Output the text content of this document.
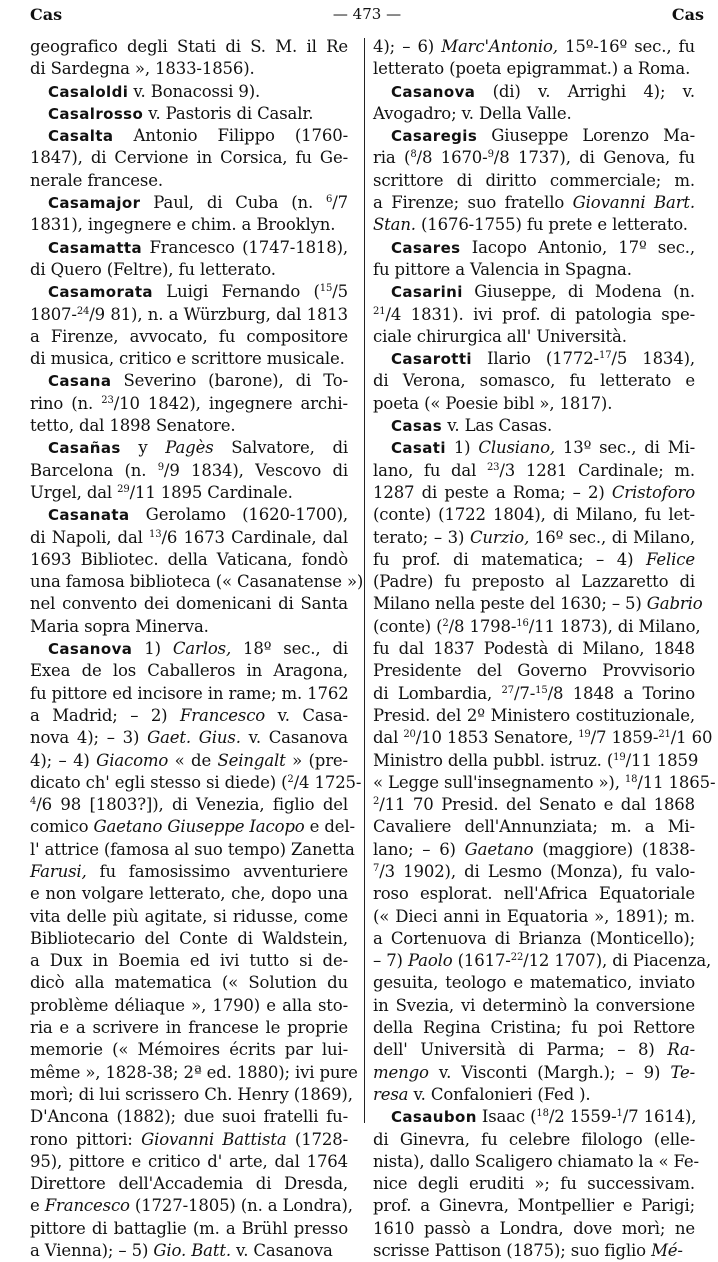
Cas	— 473 —	Cas
geografico degli Stati di S. M. il Re
di Sardegna », 1833-1856).
Casaloldi v. Bonacossi 9).
Casalrosso v. Pastoris di Casalr.
Casalta Antonio Filippo (1760-
1847), di Cervione in Corsica, fu Ge-
nerale francese.
Casamajor Paul, di Cuba (n. $^6$/7
1831), ingegnere e chim. a Brooklyn.
Casamatta Francesco (1747-1818),
di Quero (Feltre), fu letterato.
Casamorata Luigi Fernando ($^{15}$/5
1807-$^{24}$/9 81), n. a Würzburg, dal 1813
a Firenze, avvocato, fu compositore
di musica, critico e scrittore musicale.
Casana Severino (barone), di To-
rino (n. $^{23}$/10 1842), ingegnere archi-
tetto, dal 1898 Senatore.
Casañas y Pagès Salvatore, di
Barcelona (n. $^9$/9 1834), Vescovo di
Urgel, dal $^{29}$/11 1895 Cardinale.
Casanata Gerolamo (1620-1700),
di Napoli, dal $^{13}$/6 1673 Cardinale, dal
1693 Bibliotec. della Vaticana, fondò
una famosa biblioteca (« Casanatense »)
nel convento dei domenicani di Santa
Maria sopra Minerva.
Casanova 1) Carlos, 18º sec., di
Exea de los Caballeros in Aragona,
fu pittore ed incisore in rame; m. 1762
a Madrid; – 2) Francesco v. Casa-
nova 4); – 3) Gaet. Gius. v. Casanova
4); – 4) Giacomo « de Seingalt » (pre-
dicato ch' egli stesso si diede) ($^2$/4 1725-
$^4$/6 98 [1803?]), di Venezia, figlio del
comico Gaetano Giuseppe Iacopo e del-
l' attrice (famosa al suo tempo) Zanetta
Farusi, fu famosissimo avventuriere
e non volgare letterato, che, dopo una
vita delle più agitate, si ridusse, come
Bibliotecario del Conte di Waldstein,
a Dux in Boemia ed ivi tutto si de-
dicò alla matematica (« Solution du
problème déliaque », 1790) e alla sto-
ria e a scrivere in francese le proprie
memorie (« Mémoires écrits par lui-
même », 1828-38; 2ª ed. 1880); ivi pure
morì; di lui scrissero Ch. Henry (1869),
D'Ancona (1882); due suoi fratelli fu-
rono pittori: Giovanni Battista (1728-
95), pittore e critico d' arte, dal 1764
Direttore dell'Accademia di Dresda,
e Francesco (1727-1805) (n. a Londra),
pittore di battaglie (m. a Brühl presso
a Vienna); – 5) Gio. Batt. v. Casanova
4); – 6) Marc'Antonio, 15º-16º sec., fu
letterato (poeta epigrammat.) a Roma.
Casanova (di) v. Arrighi 4); v.
Avogadro; v. Della Valle.
Casaregis Giuseppe Lorenzo Ma-
ria ($^8$/8 1670-$^9$/8 1737), di Genova, fu
scrittore di diritto commerciale; m.
a Firenze; suo fratello Giovanni Bart.
Stan. (1676-1755) fu prete e letterato.
Casares Iacopo Antonio, 17º sec.,
fu pittore a Valencia in Spagna.
Casarini Giuseppe, di Modena (n.
$^{21}$/4 1831). ivi prof. di patologia spe-
ciale chirurgica all' Università.
Casarotti Ilario (1772-$^{17}$/5 1834),
di Verona, somasco, fu letterato e
poeta (« Poesie bibl », 1817).
Casas v. Las Casas.
Casati 1) Clusiano, 13º sec., di Mi-
lano, fu dal $^{23}$/3 1281 Cardinale; m.
1287 di peste a Roma; – 2) Cristoforo
(conte) (1722 1804), di Milano, fu let-
terato; – 3) Curzio, 16º sec., di Milano,
fu prof. di matematica; – 4) Felice
(Padre) fu preposto al Lazzaretto di
Milano nella peste del 1630; – 5) Gabrio
(conte) ($^2$/8 1798-$^{16}$/11 1873), di Milano,
fu dal 1837 Podestà di Milano, 1848
Presidente del Governo Provvisorio
di Lombardia, $^{27}$/7-$^{15}$/8 1848 a Torino
Presid. del 2º Ministero costituzionale,
dal $^{20}$/10 1853 Senatore, $^{19}$/7 1859-$^{21}$/1 60
Ministro della pubbl. istruz. ($^{19}$/11 1859
« Legge sull'insegnamento »), $^{18}$/11 1865-
$^2$/11 70 Presid. del Senato e dal 1868
Cavaliere dell'Annunziata; m. a Mi-
lano; – 6) Gaetano (maggiore) (1838-
$^7$/3 1902), di Lesmo (Monza), fu valo-
roso esplorat. nell'Africa Equatoriale
(« Dieci anni in Equatoria », 1891); m.
a Cortenuova di Brianza (Monticello);
– 7) Paolo (1617-$^{22}$/12 1707), di Piacenza,
gesuita, teologo e matematico, inviato
in Svezia, vi determinò la conversione
della Regina Cristina; fu poi Rettore
dell' Università di Parma; – 8) Ra-
mengo v. Visconti (Margh.); – 9) Te-
resa v. Confalonieri (Fed ).
Casaubon Isaac ($^{18}$/2 1559-$^1$/7 1614),
di Ginevra, fu celebre filologo (elle-
nista), dallo Scaligero chiamato la « Fe-
nice degli eruditi »; fu successivam.
prof. a Ginevra, Montpellier e Parigi;
1610 passò a Londra, dove morì; ne
scrisse Pattison (1875); suo figlio Mé-
